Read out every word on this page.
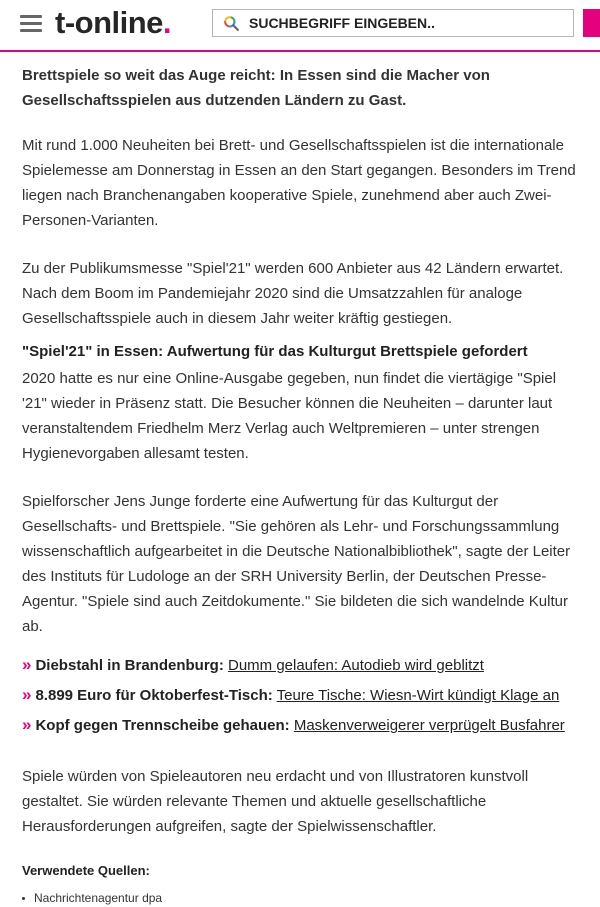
t-online.
SUCHBEGRIFF EINGEBEN..

Brettspiele so weit das Auge reicht: In Essen sind die Macher von Gesellschaftsspielen aus dutzenden Ländern zu Gast.

Mit rund 1.000 Neuheiten bei Brett- und Gesellschaftsspielen ist die internationale Spielemesse am Donnerstag in Essen an den Start gegangen. Besonders im Trend liegen nach Branchenangaben kooperative Spiele, zunehmend aber auch Zwei-Personen-Varianten.

Zu der Publikumsmesse "Spiel'21" werden 600 Anbieter aus 42 Ländern erwartet. Nach dem Boom im Pandemiejahr 2020 sind die Umsatzzahlen für analoge Gesellschaftsspiele auch in diesem Jahr weiter kräftig gestiegen.

"Spiel'21" in Essen: Aufwertung für das Kulturgut Brettspiele gefordert

2020 hatte es nur eine Online-Ausgabe gegeben, nun findet die viertägige "Spiel '21" wieder in Präsenz statt. Die Besucher können die Neuheiten – darunter laut veranstaltendem Friedhelm Merz Verlag auch Weltpremieren – unter strengen Hygienevorgaben allesamt testen.

Spielforscher Jens Junge forderte eine Aufwertung für das Kulturgut der Gesellschafts- und Brettspiele. "Sie gehören als Lehr- und Forschungssammlung wissenschaftlich aufgearbeitet in die Deutsche Nationalbibliothek", sagte der Leiter des Instituts für Ludologe an der SRH University Berlin, der Deutschen Presse-Agentur. "Spiele sind auch Zeitdokumente." Sie bildeten die sich wandelnde Kultur ab.

» Diebstahl in Brandenburg: Dumm gelaufen: Autodieb wird geblitzt
» 8.899 Euro für Oktoberfest-Tisch: Teure Tische: Wiesn-Wirt kündigt Klage an
» Kopf gegen Trennscheibe gehauen: Maskenverweigerer verprügelt Busfahrer

Spiele würden von Spieleautoren neu erdacht und von Illustratoren kunstvoll gestaltet. Sie würden relevante Themen und aktuelle gesellschaftliche Herausforderungen aufgreifen, sagte der Spielwissenschaftler.

Verwendete Quellen:
Nachrichtenagentur dpa
